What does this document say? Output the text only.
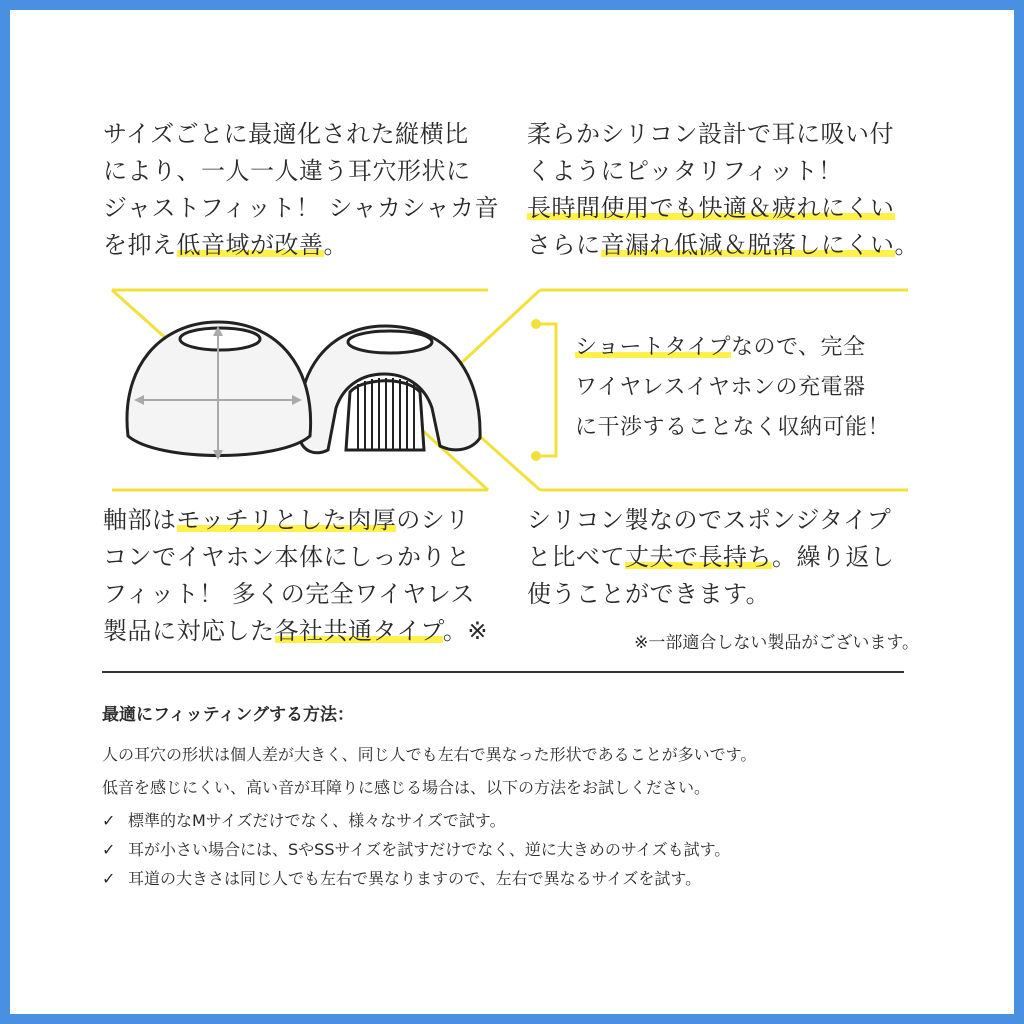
サイズごとに最適化された縦横比
により、一人一人違う耳穴形状に
ジャストフィット！ シャカシャカ音
を抑え低音域が改善。
柔らかシリコン設計で耳に吸い付
くようにピッタリフィット！
長時間使用でも快適＆疲れにくい
さらに音漏れ低減＆脱落しにくい。
ショートタイプなので、完全
ワイヤレスイヤホンの充電器
に干渉することなく収納可能！
軸部はモッチリとした肉厚のシリ
コンでイヤホン本体にしっかりと
フィット！ 多くの完全ワイヤレス
製品に対応した各社共通タイプ。※
シリコン製なのでスポンジタイプ
と比べて丈夫で長持ち。繰り返し
使うことができます。
※一部適合しない製品がございます。
最適にフィッティングする方法：
人の耳穴の形状は個人差が大きく、同じ人でも左右で異なった形状であることが多いです。
低音を感じにくい、高い音が耳障りに感じる場合は、以下の方法をお試しください。
✓ 標準的なMサイズだけでなく、様々なサイズで試す。
✓ 耳が小さい場合には、SやSSサイズを試すだけでなく、逆に大きめのサイズも試す。
✓ 耳道の大きさは同じ人でも左右で異なりますので、左右で異なるサイズを試す。
